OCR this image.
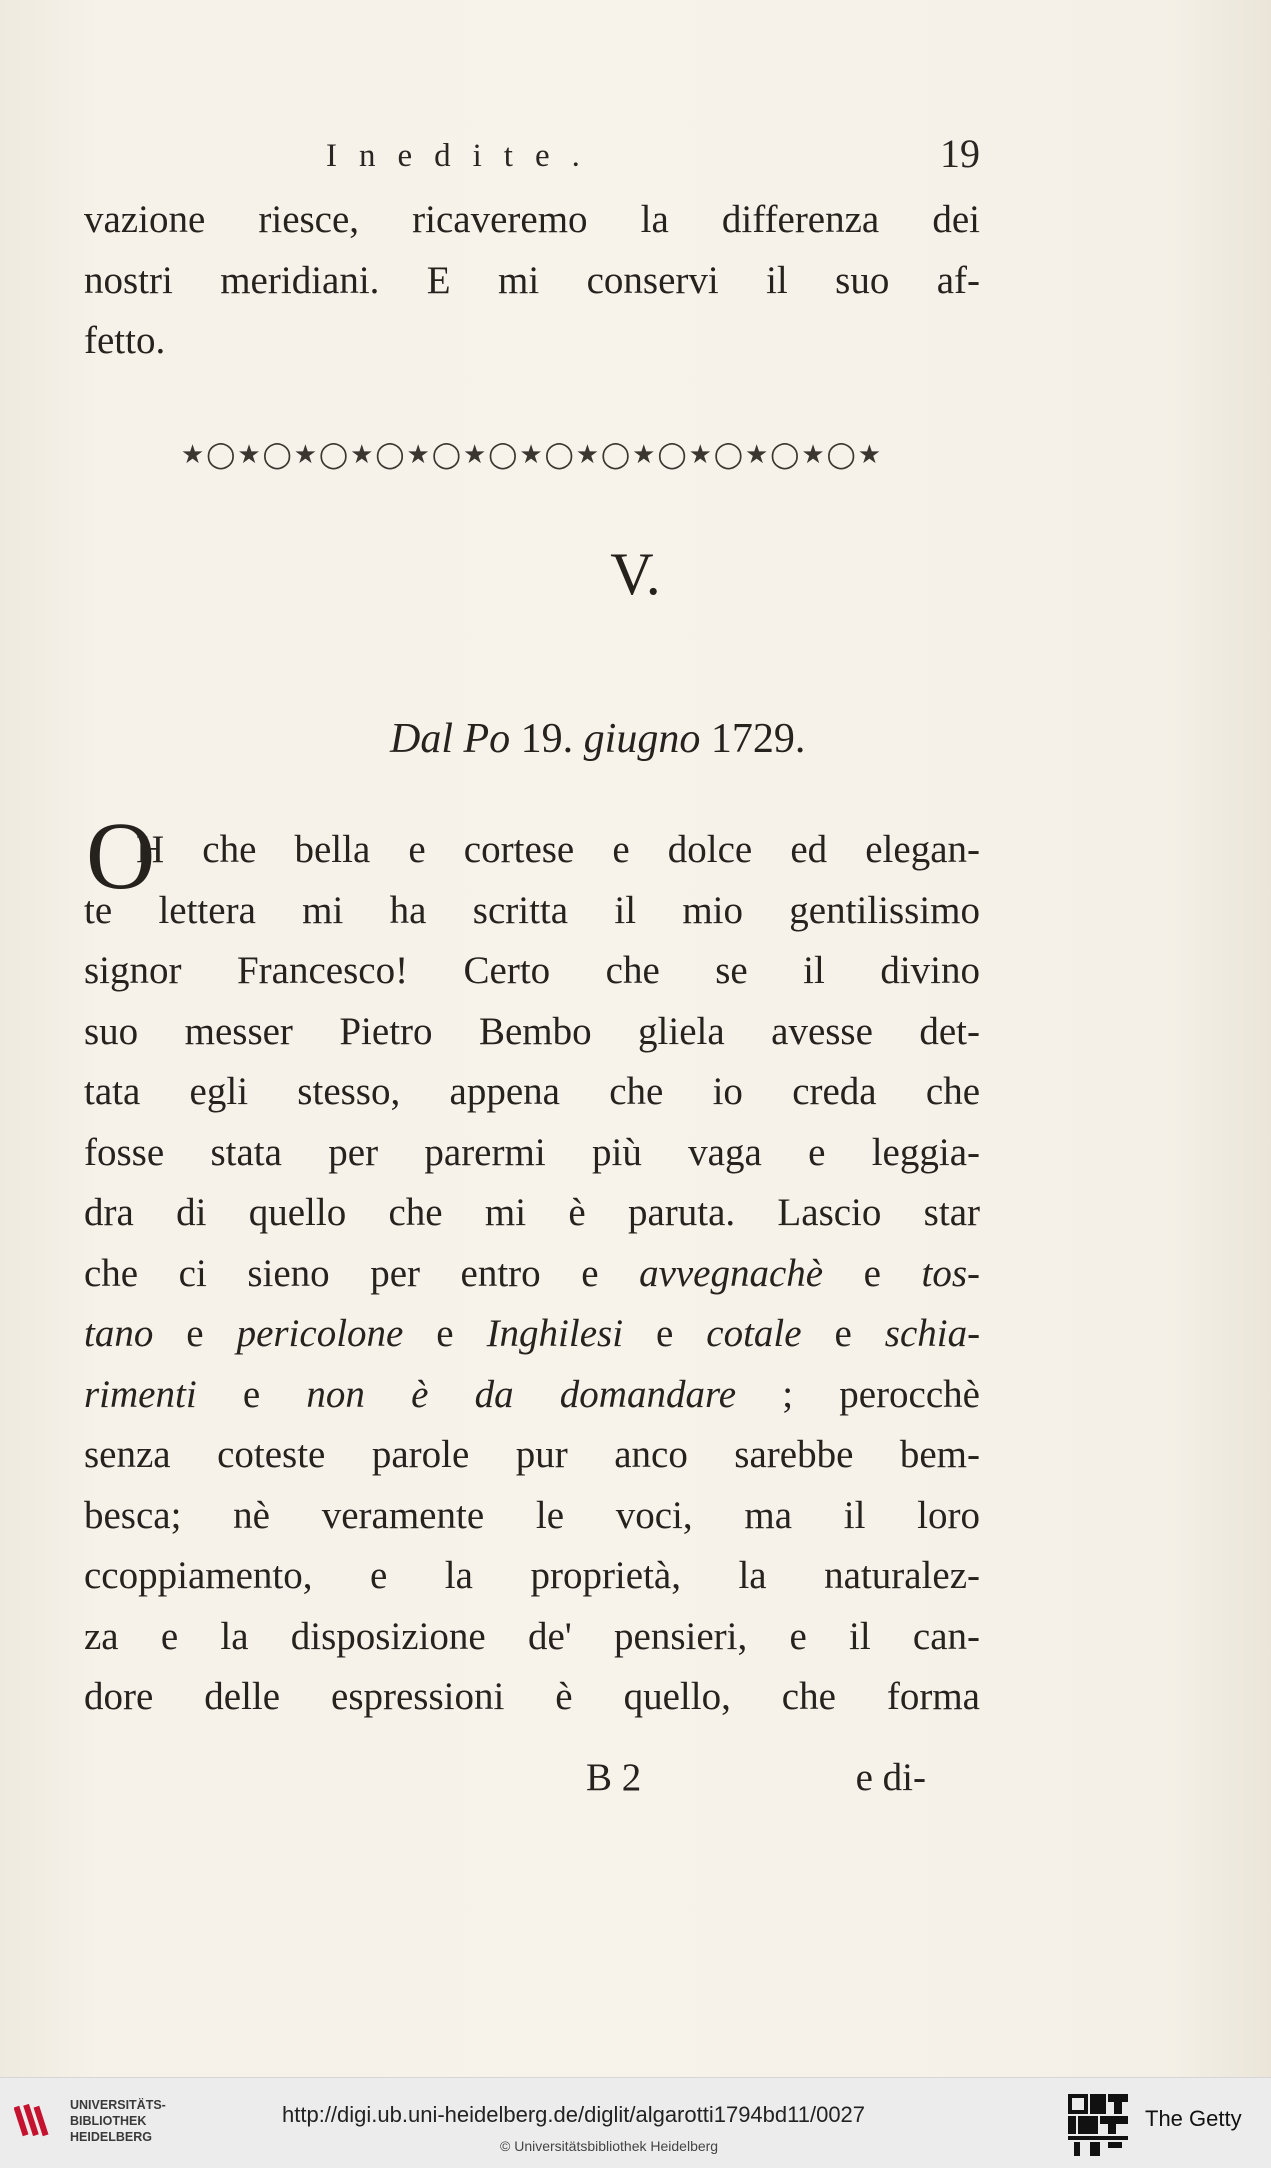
Inedite.	19
vazione riesce, ricaveremo la differenza dei
nostri meridiani. E mi conservi il suo af-
fetto.
★◯★◯★◯★◯★◯★◯★◯★◯★◯★◯★◯★◯★
V.
Dal Po 19. giugno 1729.
O
H che bella e cortese e dolce ed elegan-
te lettera mi ha scritta il mio gentilissimo
signor Francesco! Certo che se il divino
suo messer Pietro Bembo gliela avesse det-
tata egli stesso, appena che io creda che
fosse stata per parermi più vaga e leggia-
dra di quello che mi è paruta. Lascio star
che ci sieno per entro e avvegnachè e tos-
tano e pericolone e Inghilesi e cotale e schia-
rimenti e non è da domandare ; perocchè
senza coteste parole pur anco sarebbe bem-
besca; nè veramente le voci, ma il loro
ccoppiamento, e la proprietà, la naturalez-
za e la disposizione de' pensieri, e il can-
dore delle espressioni è quello, che forma
B 2	e di-
UNIVERSITÄTS-
BIBLIOTHEK
HEIDELBERG
http://digi.ub.uni-heidelberg.de/diglit/algarotti1794bd11/0027
© Universitätsbibliothek Heidelberg
The Getty
